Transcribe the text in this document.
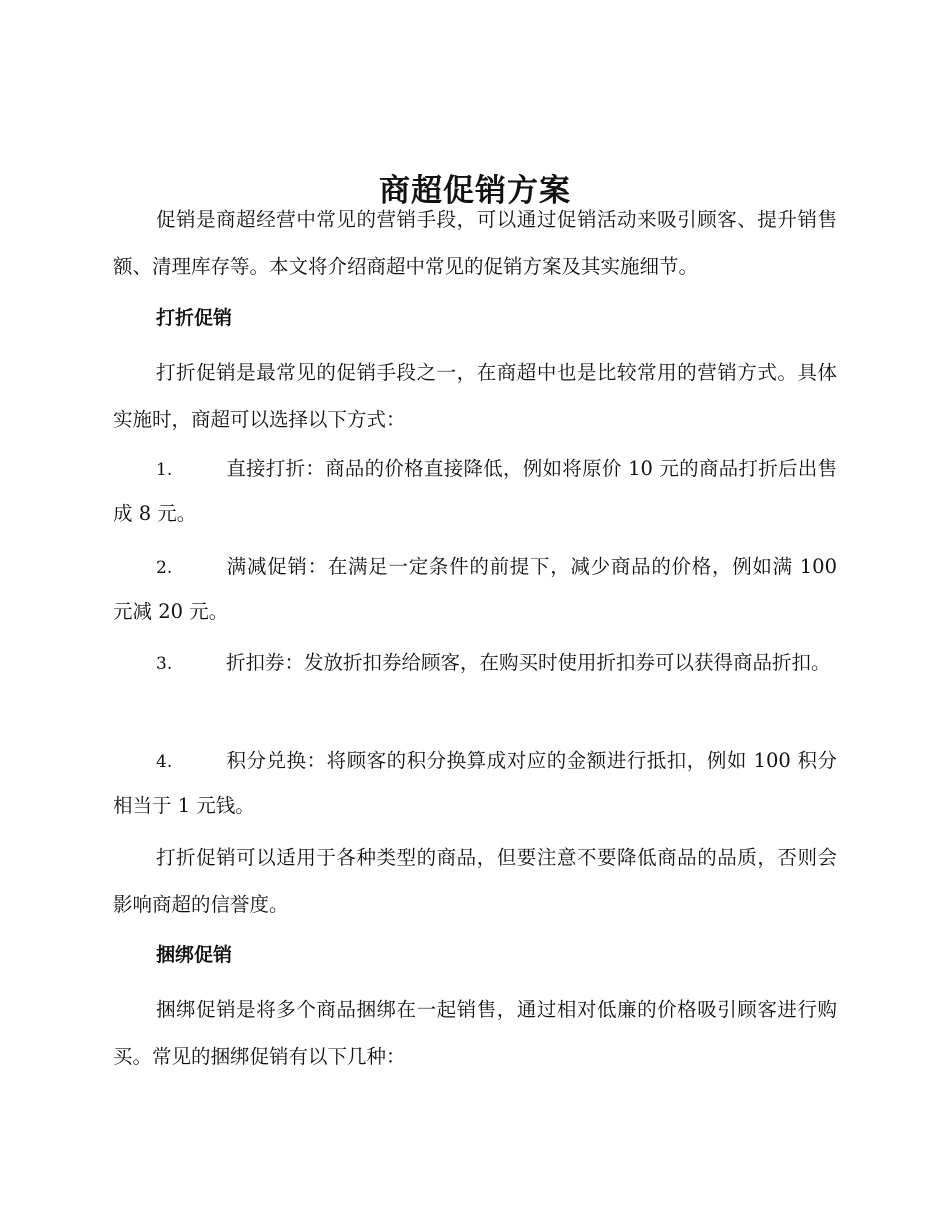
商超促销方案

促销是商超经营中常见的营销手段，可以通过促销活动来吸引顾客、提升销售额、清理库存等。本文将介绍商超中常见的促销方案及其实施细节。

打折促销

打折促销是最常见的促销手段之一，在商超中也是比较常用的营销方式。具体实施时，商超可以选择以下方式：

1.	直接打折：商品的价格直接降低，例如将原价 10 元的商品打折后出售成 8 元。

2.	满减促销：在满足一定条件的前提下，减少商品的价格，例如满 100 元减 20 元。

3.	折扣券：发放折扣券给顾客，在购买时使用折扣券可以获得商品折扣。

4.	积分兑换：将顾客的积分换算成对应的金额进行抵扣，例如 100 积分相当于 1 元钱。

打折促销可以适用于各种类型的商品，但要注意不要降低商品的品质，否则会影响商超的信誉度。

捆绑促销

捆绑促销是将多个商品捆绑在一起销售，通过相对低廉的价格吸引顾客进行购买。常见的捆绑促销有以下几种：
